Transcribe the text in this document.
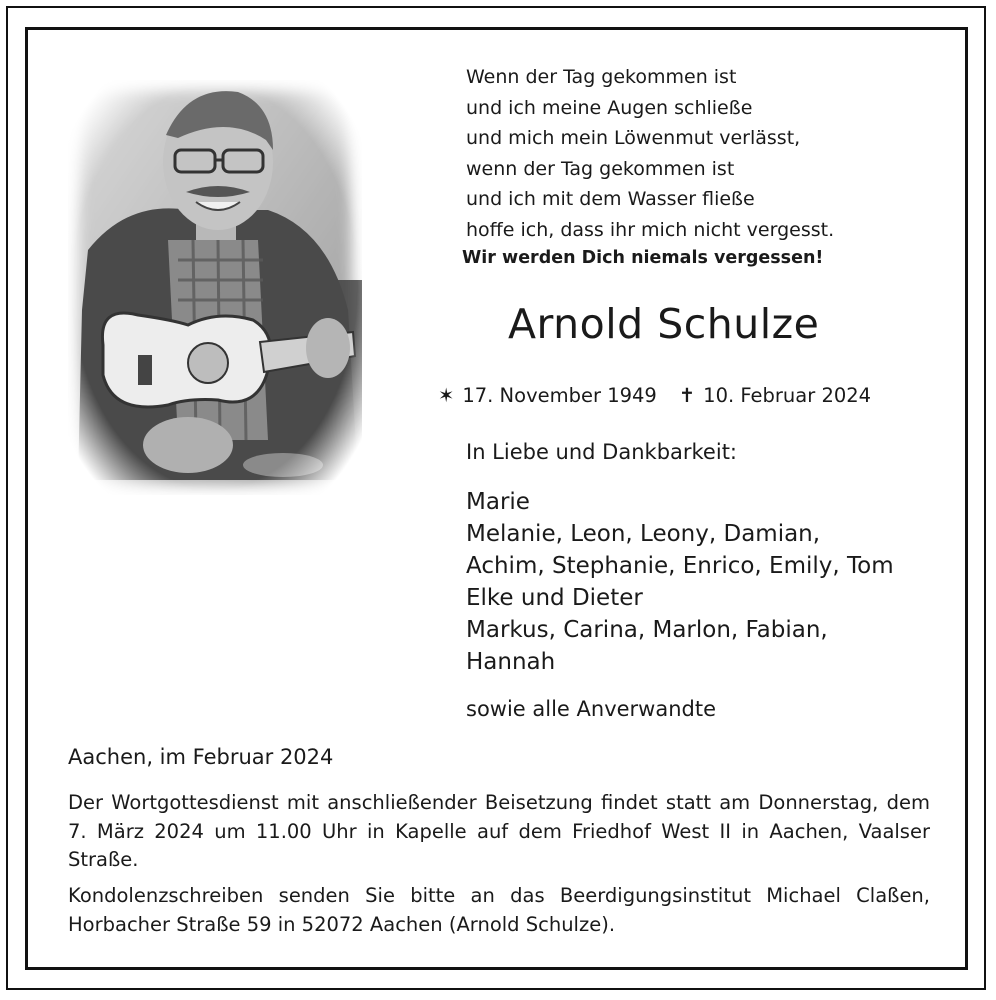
Wenn der Tag gekommen ist
und ich meine Augen schließe
und mich mein Löwenmut verlässt,
wenn der Tag gekommen ist
und ich mit dem Wasser fließe
hoffe ich, dass ihr mich nicht vergesst.
Wir werden Dich niemals vergessen!
Arnold Schulze
✶ 17. November 1949 ✝ 10. Februar 2024
In Liebe und Dankbarkeit:
Marie
Melanie, Leon, Leony, Damian,
Achim, Stephanie, Enrico, Emily, Tom
Elke und Dieter
Markus, Carina, Marlon, Fabian,
Hannah
sowie alle Anverwandte
Aachen, im Februar 2024
Der Wortgottesdienst mit anschließender Beisetzung findet statt am Donnerstag, dem 7. März 2024 um 11.00 Uhr in Kapelle auf dem Friedhof West II in Aachen, Vaalser Straße.
Kondolenzschreiben senden Sie bitte an das Beerdigungsinstitut Michael Claßen, Horbacher Straße 59 in 52072 Aachen (Arnold Schulze).
